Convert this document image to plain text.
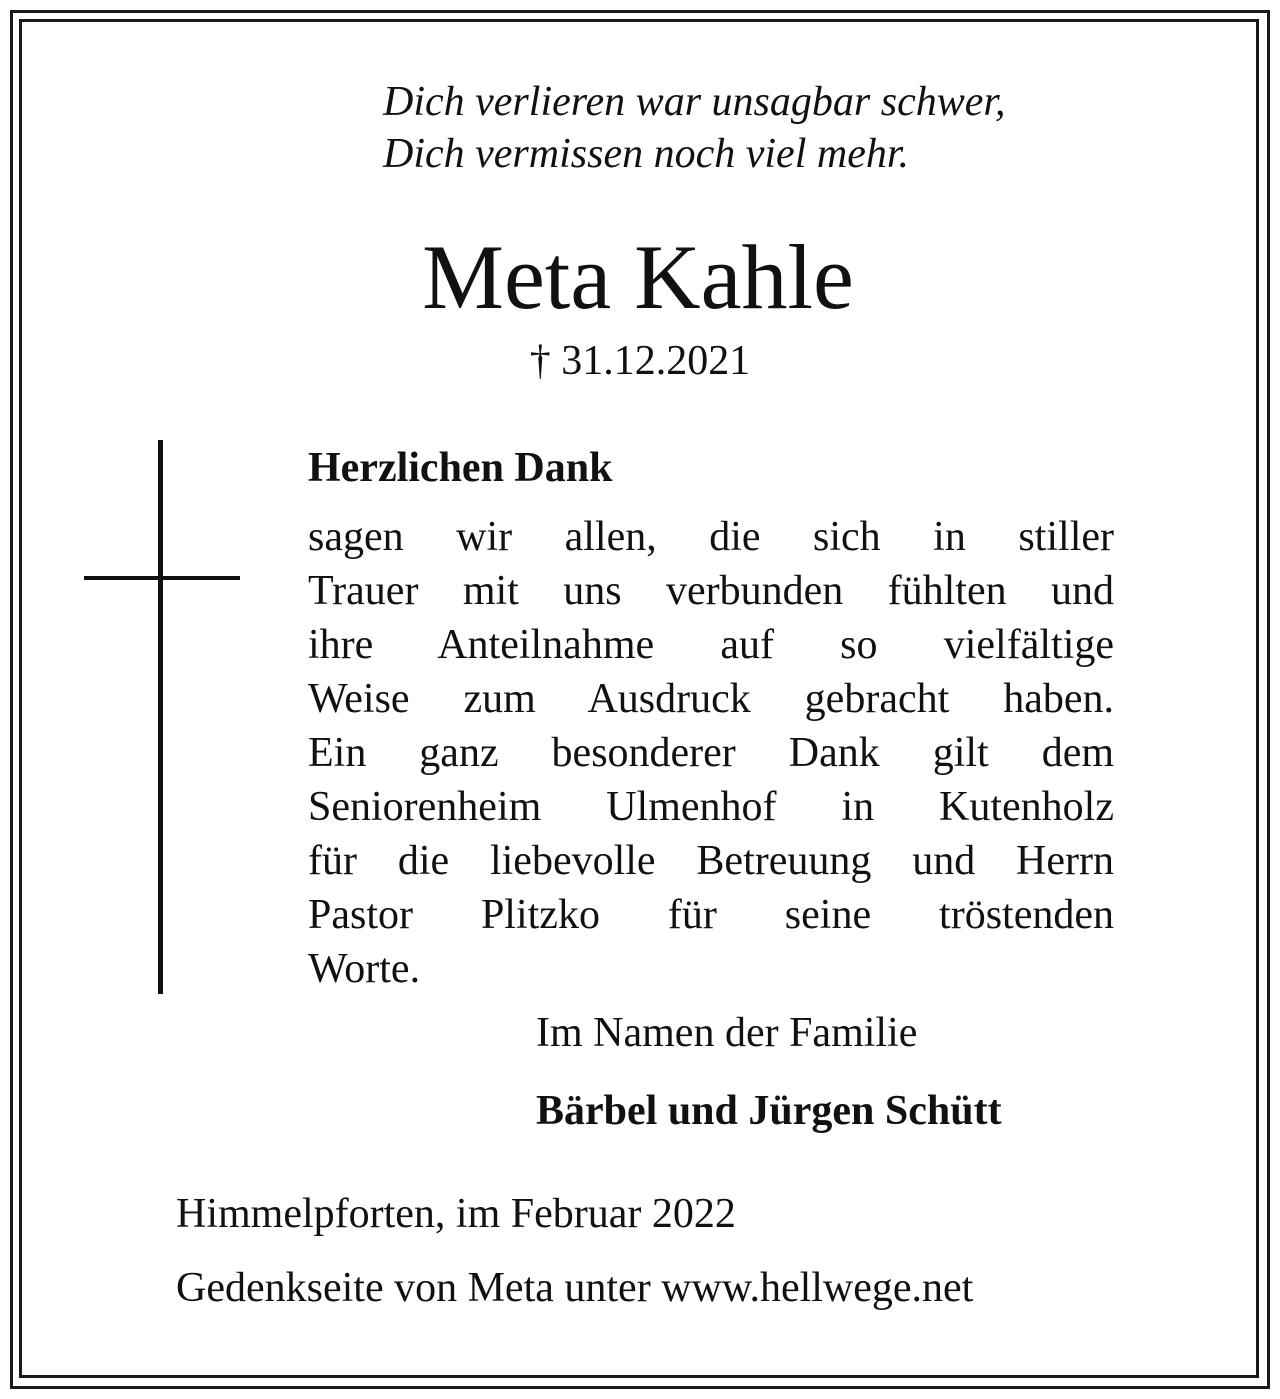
Dich verlieren war unsagbar schwer,
Dich vermissen noch viel mehr.
Meta Kahle
† 31.12.2021
Herzlichen Dank
sagen wir allen, die sich in stiller
Trauer mit uns verbunden fühlten und
ihre Anteilnahme auf so vielfältige
Weise zum Ausdruck gebracht haben.
Ein ganz besonderer Dank gilt dem
Seniorenheim Ulmenhof in Kutenholz
für die liebevolle Betreuung und Herrn
Pastor Plitzko für seine tröstenden
Worte.
Im Namen der Familie
Bärbel und Jürgen Schütt
Himmelpforten, im Februar 2022
Gedenkseite von Meta unter www.hellwege.net
